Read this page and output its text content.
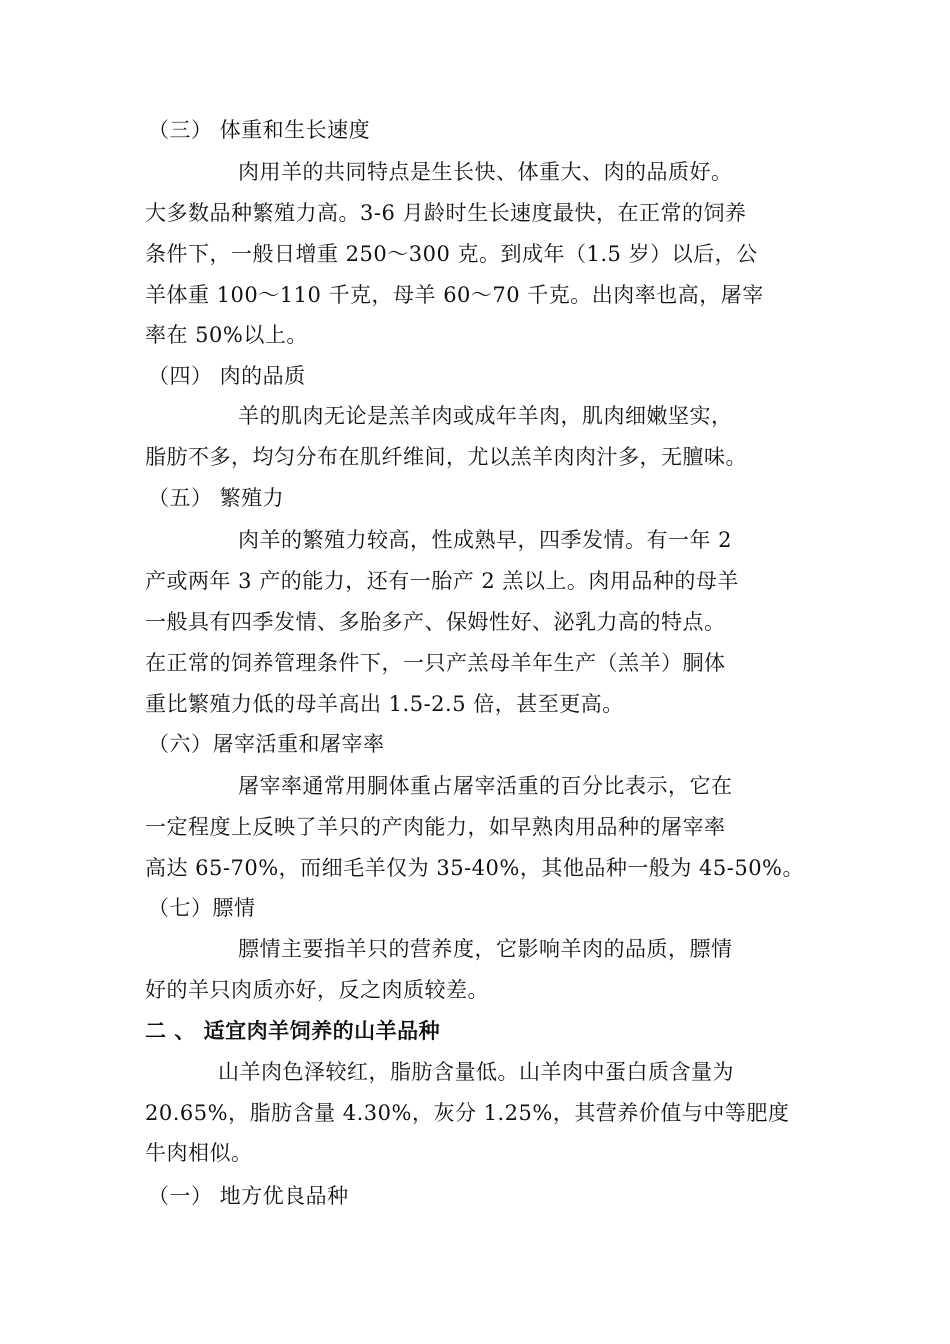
（三） 体重和生长速度
肉用羊的共同特点是生长快、体重大、肉的品质好。
大多数品种繁殖力高。3-6 月龄时生长速度最快，在正常的饲养
条件下，一般日增重 250～300 克。到成年（1.5 岁）以后，公
羊体重 100～110 千克，母羊 60～70 千克。出肉率也高，屠宰
率在 50%以上。
（四） 肉的品质
羊的肌肉无论是羔羊肉或成年羊肉，肌肉细嫩坚实，
脂肪不多，均匀分布在肌纤维间，尤以羔羊肉肉汁多，无膻味。
（五） 繁殖力
肉羊的繁殖力较高，性成熟早，四季发情。有一年 2
产或两年 3 产的能力，还有一胎产 2 羔以上。肉用品种的母羊
一般具有四季发情、多胎多产、保姆性好、泌乳力高的特点。
在正常的饲养管理条件下，一只产羔母羊年生产（羔羊）胴体
重比繁殖力低的母羊高出 1.5-2.5 倍，甚至更高。
（六）屠宰活重和屠宰率
屠宰率通常用胴体重占屠宰活重的百分比表示，它在
一定程度上反映了羊只的产肉能力，如早熟肉用品种的屠宰率
高达 65-70%，而细毛羊仅为 35-40%，其他品种一般为 45-50%。
（七）膘情
膘情主要指羊只的营养度，它影响羊肉的品质，膘情
好的羊只肉质亦好，反之肉质较差。
二 、 适宜肉羊饲养的山羊品种
山羊肉色泽较红，脂肪含量低。山羊肉中蛋白质含量为
20.65%，脂肪含量 4.30%，灰分 1.25%，其营养价值与中等肥度
牛肉相似。
（一） 地方优良品种
